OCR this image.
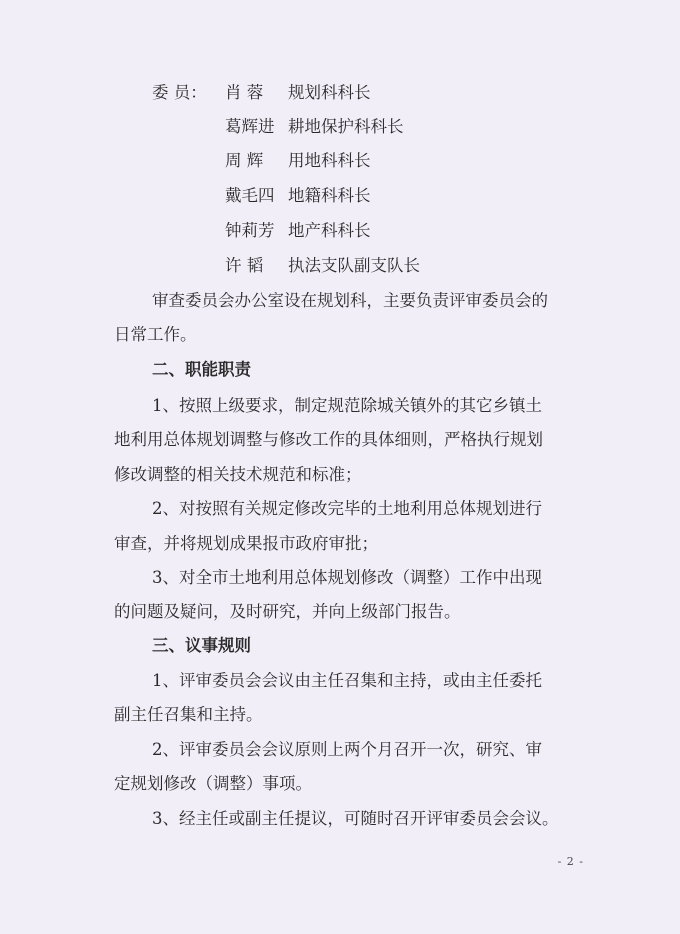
委 员： 肖 蓉 规划科科长
葛辉进 耕地保护科科长
周 辉 用地科科长
戴毛四 地籍科科长
钟莉芳 地产科科长
许 韬 执法支队副支队长
审查委员会办公室设在规划科，主要负责评审委员会的
日常工作。
二、职能职责
1、按照上级要求，制定规范除城关镇外的其它乡镇土
地利用总体规划调整与修改工作的具体细则，严格执行规划
修改调整的相关技术规范和标准；
2、对按照有关规定修改完毕的土地利用总体规划进行
审查，并将规划成果报市政府审批；
3、对全市土地利用总体规划修改（调整）工作中出现
的问题及疑问，及时研究，并向上级部门报告。
三、议事规则
1、评审委员会会议由主任召集和主持，或由主任委托
副主任召集和主持。
2、评审委员会会议原则上两个月召开一次，研究、审
定规划修改（调整）事项。
3、经主任或副主任提议，可随时召开评审委员会会议。
- 2 -
